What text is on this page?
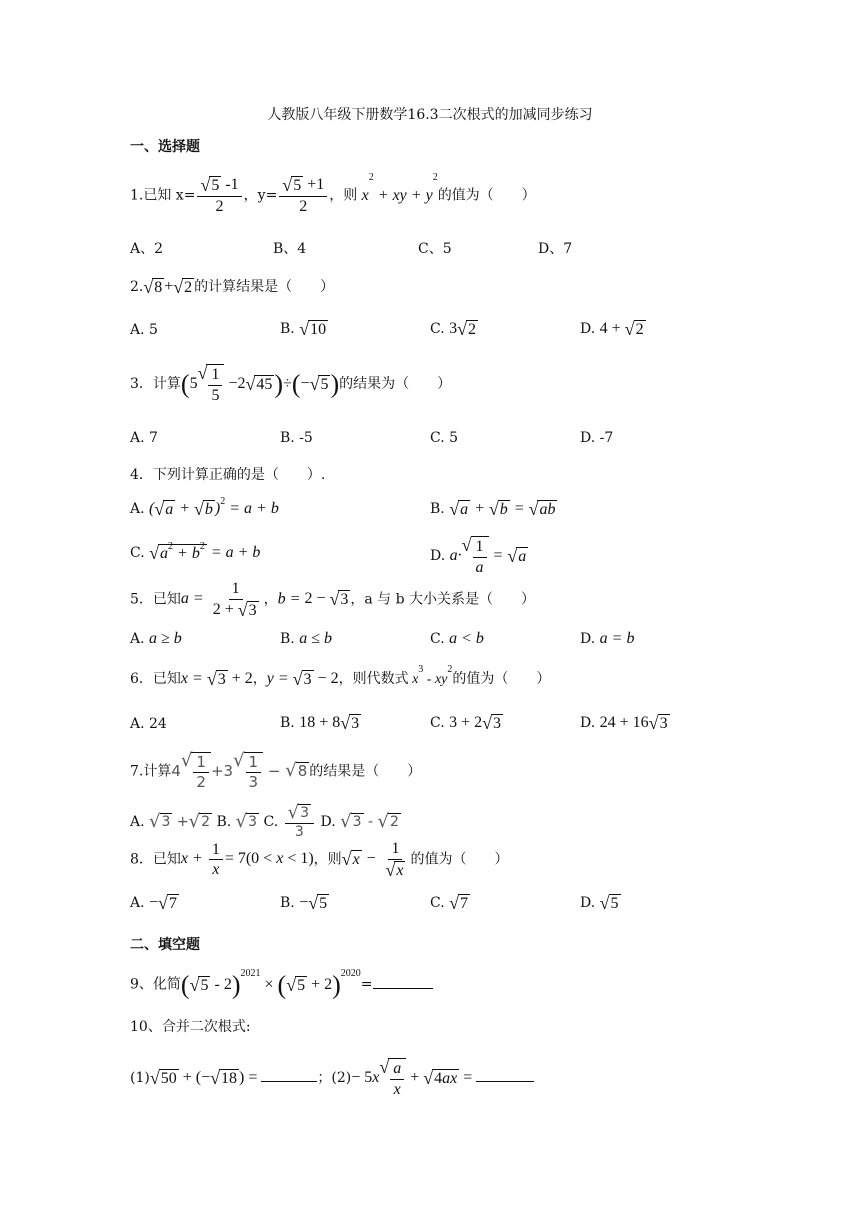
人教版八年级下册数学16.3二次根式的加减同步练习
一、选择题
1.已知 $x= \frac{√ 5 -1}{2}$ ，$y= \frac{√ 5 +1}{2}$ ，则 $x^2$ + xy + $y^2$的值为（　　）
A、2	B、4	C、5	D、7
2. √ 8 + √ 2 的计算结果是（　　）
A. 5	B. √ 10	C. 3 √ 2	D. 4 + √ 2
3．计算(5
√ $\frac{1}{5} -2$ √ 45 )÷(− √ 5 )的结果为（　　）
A. 7	B. -5	C. 5	D. -7
4．下列计算正确的是（　　）.
A. ( √ a + √ b )$^2$ = a + b	B. √ a + √ b = √ ab
C. √ $a^2 + b^2 = a + b$	D. a·
√ $\frac{1}{a}$ = √ a
5．已知$a = \frac{1}{2 + √ 3}$ ，b = 2 − √ 3 ，a 与 b 大小关系是（　　）
A. a ≥ b	B. a ≤ b	C. a < b	D. a = b
6．已知x = √ 3 + 2，y = √ 3 − 2，则代数式 $x^3 - xy^2$的值为（　　）
A. 24	B. 18 + 8 √ 3	C. 3 + 2 √ 3	D. 24 + 16 √ 3
7.计算4 √ $\frac{1}{2} +3$ √ $\frac{1}{3}$ − √ 8 的结果是（　　）
A. √ 3 + √ 2 B. √ 3 C. $\frac{√ 3}{3} D$. √ 3 - √ 2
8．已知$x + \frac{1}{x} = 7(0 < x < 1)$，则 √ $x - \frac{1}{√ x}$ 的值为（　　）
A. − √ 7	B. − √ 5	C. √ 7	D. √ 5
二、填空题
9、化简( √ 5 - 2)$^{2021}$ × ( √ 5 + 2)$^{2020}$=
10、合并二次根式:
(1) √ 50 + (− √ 18 ) =	；(2)− 5x
√ $\frac{a}{x}$ + √ 4ax =
